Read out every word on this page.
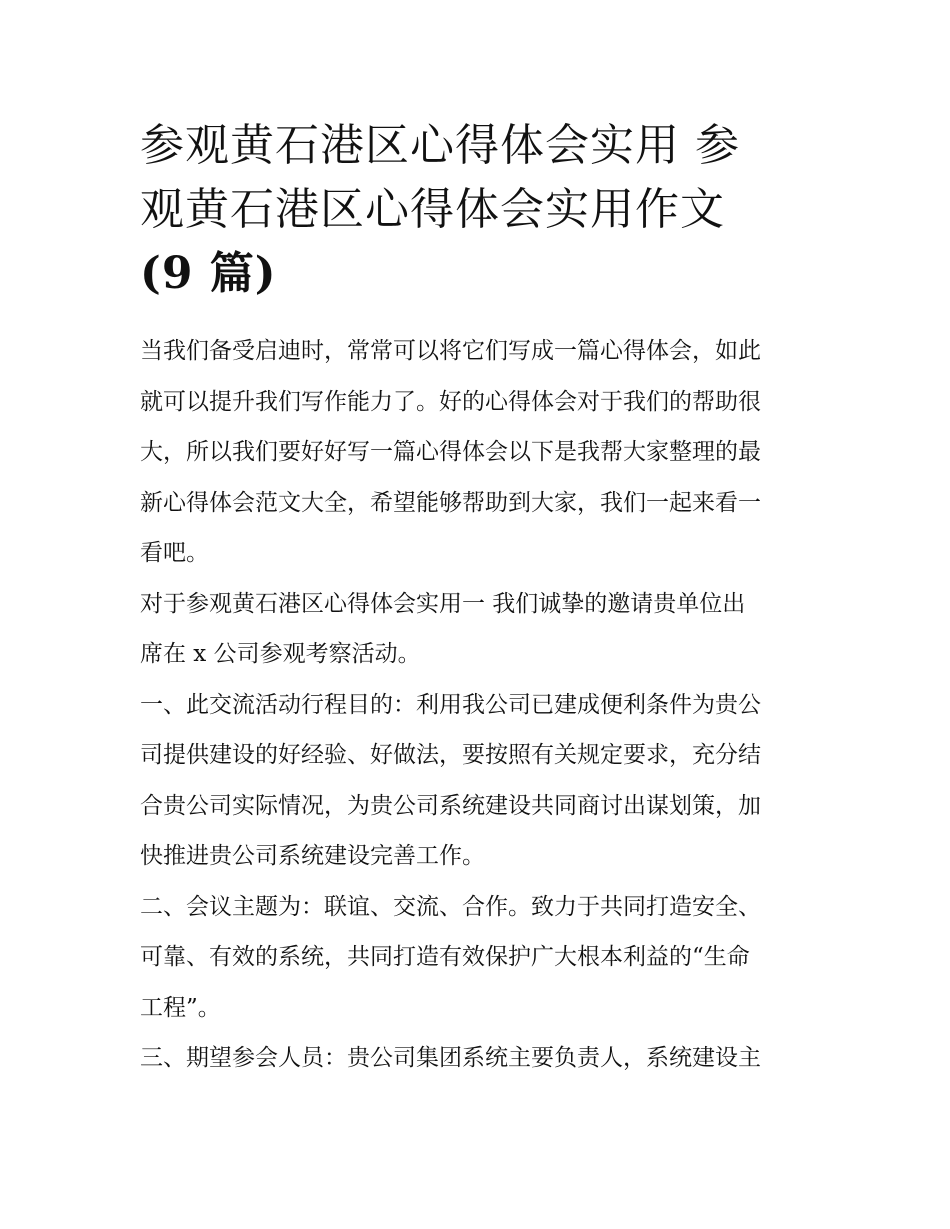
参观黄石港区心得体会实用 参
观黄石港区心得体会实用作文
(9 篇)

当我们备受启迪时，常常可以将它们写成一篇心得体会，如此
就可以提升我们写作能力了。好的心得体会对于我们的帮助很
大，所以我们要好好写一篇心得体会以下是我帮大家整理的最
新心得体会范文大全，希望能够帮助到大家，我们一起来看一
看吧。

对于参观黄石港区心得体会实用一 我们诚挚的邀请贵单位出
席在 x 公司参观考察活动。

一、此交流活动行程目的：利用我公司已建成便利条件为贵公
司提供建设的好经验、好做法，要按照有关规定要求，充分结
合贵公司实际情况，为贵公司系统建设共同商讨出谋划策，加
快推进贵公司系统建设完善工作。

二、会议主题为：联谊、交流、合作。致力于共同打造安全、
可靠、有效的系统，共同打造有效保护广大根本利益的“生命
工程”。

三、期望参会人员：贵公司集团系统主要负责人，系统建设主
